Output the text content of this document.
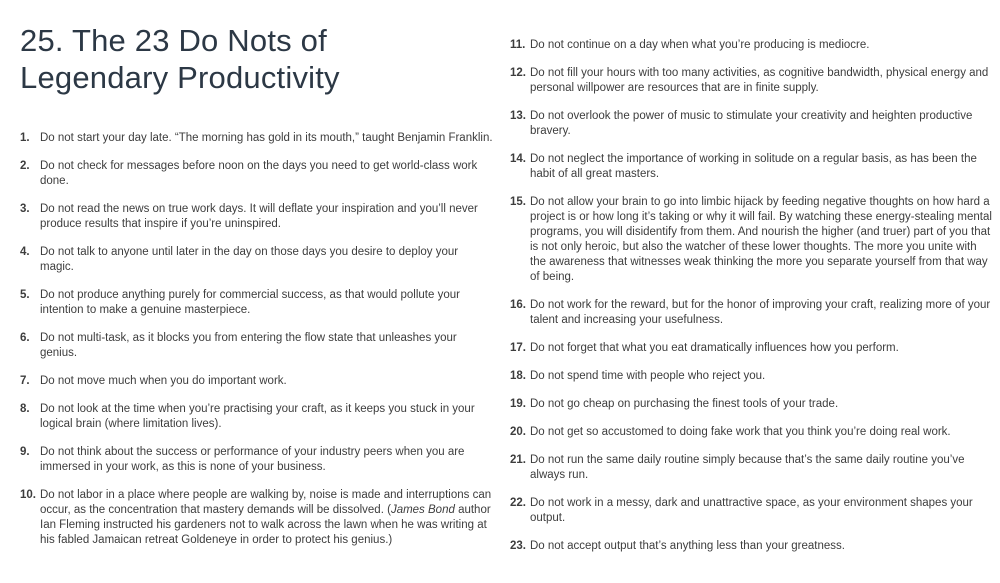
25. The 23 Do Nots of
Legendary Productivity
1. Do not start your day late. “The morning has gold in its mouth,” taught Benjamin Franklin.
2. Do not check for messages before noon on the days you need to get world-class work done.
3. Do not read the news on true work days. It will deflate your inspiration and you’ll never produce results that inspire if you’re uninspired.
4. Do not talk to anyone until later in the day on those days you desire to deploy your magic.
5. Do not produce anything purely for commercial success, as that would pollute your intention to make a genuine masterpiece.
6. Do not multi-task, as it blocks you from entering the flow state that unleashes your genius.
7. Do not move much when you do important work.
8. Do not look at the time when you’re practising your craft, as it keeps you stuck in your logical brain (where limitation lives).
9. Do not think about the success or performance of your industry peers when you are immersed in your work, as this is none of your business.
10. Do not labor in a place where people are walking by, noise is made and interruptions can occur, as the concentration that mastery demands will be dissolved. (James Bond author Ian Fleming instructed his gardeners not to walk across the lawn when he was writing at his fabled Jamaican retreat Goldeneye in order to protect his genius.)
11. Do not continue on a day when what you’re producing is mediocre.
12. Do not fill your hours with too many activities, as cognitive bandwidth, physical energy and personal willpower are resources that are in finite supply.
13. Do not overlook the power of music to stimulate your creativity and heighten productive bravery.
14. Do not neglect the importance of working in solitude on a regular basis, as has been the habit of all great masters.
15. Do not allow your brain to go into limbic hijack by feeding negative thoughts on how hard a project is or how long it’s taking or why it will fail. By watching these energy-stealing mental programs, you will disidentify from them. And nourish the higher (and truer) part of you that is not only heroic, but also the watcher of these lower thoughts. The more you unite with the awareness that witnesses weak thinking the more you separate yourself from that way of being.
16. Do not work for the reward, but for the honor of improving your craft, realizing more of your talent and increasing your usefulness.
17. Do not forget that what you eat dramatically influences how you perform.
18. Do not spend time with people who reject you.
19. Do not go cheap on purchasing the finest tools of your trade.
20. Do not get so accustomed to doing fake work that you think you’re doing real work.
21. Do not run the same daily routine simply because that’s the same daily routine you’ve always run.
22. Do not work in a messy, dark and unattractive space, as your environment shapes your output.
23. Do not accept output that’s anything less than your greatness.
